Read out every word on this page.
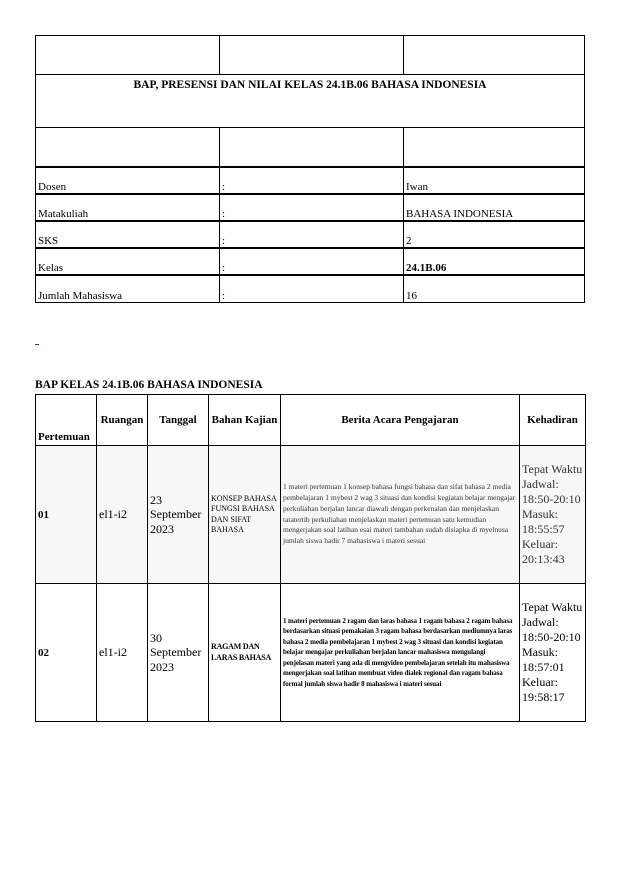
BAP, PRESENSI DAN NILAI KELAS 24.1B.06 BAHASA INDONESIA		

Dosen	:	Iwan
Matakuliah	:	BAHASA INDONESIA
SKS	:	2
Kelas	:	24.1B.06
Jumlah Mahasiswa	:	16
BAP KELAS 24.1B.06 BAHASA INDONESIA
Pertemuan	Ruangan	Tanggal	Bahan Kajian	Berita Acara Pengajaran	Kehadiran
01	el1-i2	23 September 2023	KONSEP BAHASA FUNGSI BAHASA DAN SIFAT BAHASA	1 materi pertemuan 1 konsep bahasa fungsi bahasa dan sifat bahasa 2 media pembelajaran 1 mybest 2 wag 3 situasi dan kondisi kegiatan belajar mengajar perkuliahan berjalan lancar diawali dengan perkenalan dan menjelaskan tatatertib perkuliahan menjelaskan materi pertemuan satu kemudian mengerjakan soal latihan esai materi tambahan sudah disiapka di myelnusa jumlah siswa hadir 7 mahasiswa i materi sesuai	Tepat Waktu Jadwal: 18:50-20:10 Masuk: 18:55:57 Keluar: 20:13:43
02	el1-i2	30 September 2023	RAGAM DAN LARAS BAHASA	1 materi pertemuan 2 ragam dan laras bahasa 1 ragam bahasa 2 ragam bahasa berdasarkan situasi pemakaian 3 ragam bahasa berdasarkan mediumnya laras bahasa 2 media pembelajaran 1 mybest 2 wag 3 situasi dan kondisi kegiatan belajar mengajar perkuliahan berjalan lancar mahasiswa mengulangi penjelasan materi yang ada di mengvideo pembelajaran setelah itu mahasiswa mengerjakan soal latihan membuat video dialek regional dan ragam bahasa formal jumlah siswa hadir 8 mahasiswa i materi sesuai	Tepat Waktu Jadwal: 18:50-20:10 Masuk: 18:57:01 Keluar: 19:58:17
